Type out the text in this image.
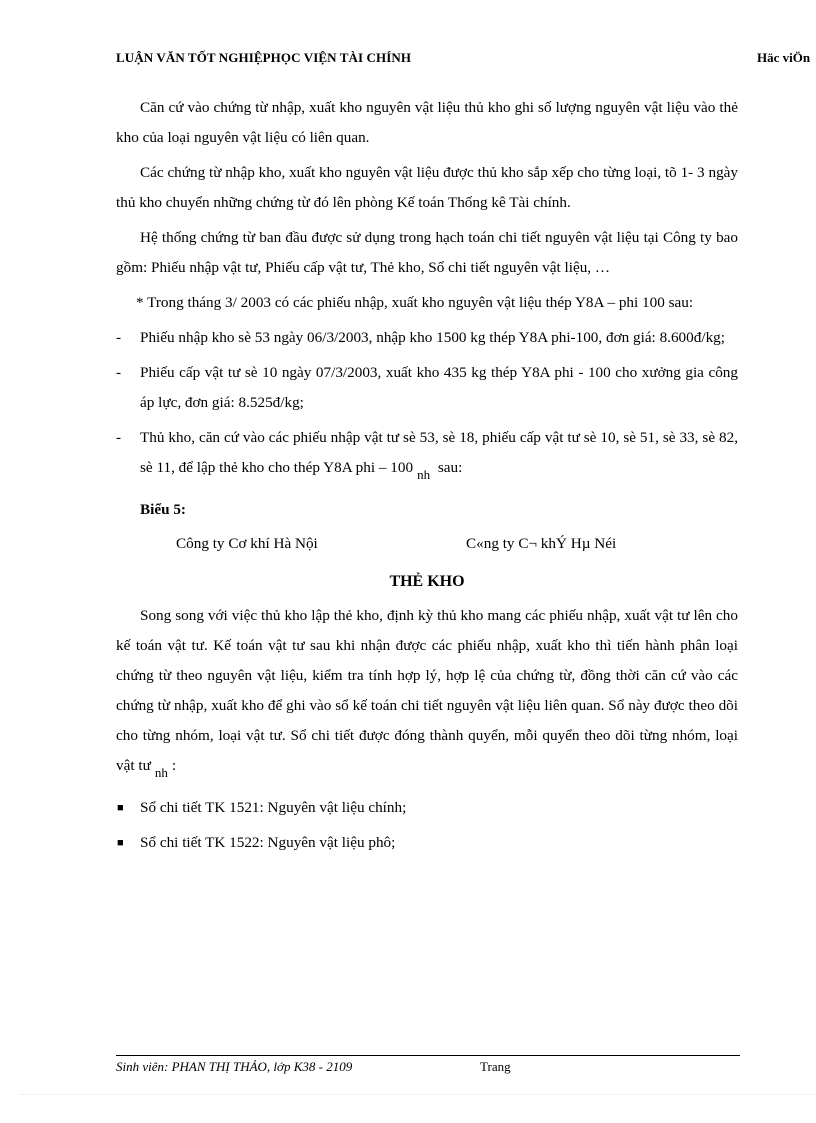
LUẬN VĂN TỐT NGHIỆPHỌC VIỆN TÀI CHÍNH	Häc viÖn

Căn cứ vào chứng từ nhập, xuất kho nguyên vật liệu thủ kho ghi số lượng nguyên vật liệu vào thẻ kho của loại nguyên vật liệu có liên quan.

Các chứng từ nhập kho, xuất kho nguyên vật liệu được thủ kho sắp xếp cho từng loại, tõ 1- 3 ngày thủ kho chuyển những chứng từ đó lên phòng Kế toán Thống kê Tài chính.

Hệ thống chứng từ ban đầu được sử dụng trong hạch toán chi tiết nguyên vật liệu tại Công ty bao gồm: Phiếu nhập vật tư, Phiếu cấp vật tư, Thẻ kho, Sổ chi tiết nguyên vật liệu, …

* Trong tháng 3/ 2003 có các phiếu nhập, xuất kho nguyên vật liệu thép Y8A – phi 100 sau:

- Phiếu nhập kho sè 53 ngày 06/3/2003, nhập kho 1500 kg thép Y8A phi-100, đơn giá: 8.600đ/kg;
- Phiếu cấp vật tư sè 10 ngày 07/3/2003, xuất kho 435 kg thép Y8A phi - 100 cho xưởng gia công áp lực, đơn giá: 8.525đ/kg;
- Thủ kho, căn cứ vào các phiếu nhập vật tư sè 53, sè 18, phiếu cấp vật tư sè 10, sè 51, sè 33, sè 82, sè 11, để lập thẻ kho cho thép Y8A phi – 100 nh sau:
Biểu 5:
Công ty Cơ khí Hà Nội	C«ng ty C¬ khÝ Hµ Néi
THẺ KHO

Song song với việc thủ kho lập thẻ kho, định kỳ thủ kho mang các phiếu nhập, xuất vật tư lên cho kế toán vật tư. Kế toán vật tư sau khi nhận được các phiếu nhập, xuất kho thì tiến hành phân loại chứng từ theo nguyên vật liệu, kiểm tra tính hợp lý, hợp lệ của chứng từ, đồng thời căn cứ vào các chứng từ nhập, xuất kho để ghi vào sổ kế toán chi tiết nguyên vật liệu liên quan. Sổ này được theo dõi cho từng nhóm, loại vật tư. Sổ chi tiết được đóng thành quyển, mỗi quyển theo dõi từng nhóm, loại vật tư nh :

■ Sổ chi tiết TK 1521: Nguyên vật liệu chính;
■ Sổ chi tiết TK 1522: Nguyên vật liệu phô;
Sinh viên: PHAN THỊ THẢO, lớp K38 - 2109	Trang
